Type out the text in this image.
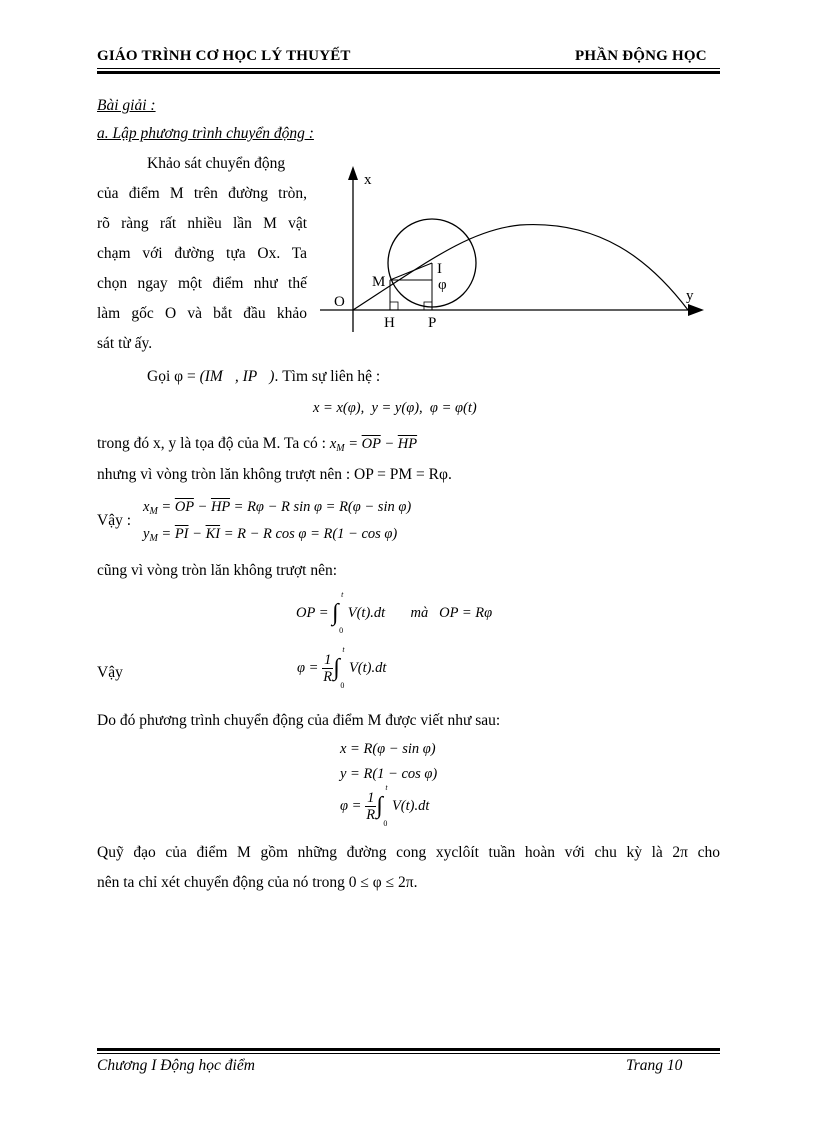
GIÁO TRÌNH CƠ HỌC LÝ THUYẾT	PHẦN ĐỘNG HỌC
Bài giải :
a. Lập phương trình chuyển động :
Khảo sát chuyển động
của điểm M trên đường tròn,
rõ ràng rất nhiều lần M vật
chạm với đường tựa Ox. Ta
chọn ngay một điểm như thế
làm gốc O và bắt đầu khảo
sát từ ấy.
x
y
O
M
I
φ
H P
Gọi φ = (IM⃗, IP⃗). Tìm sự liên hệ :
x = x(φ),  y = y(φ),  φ = φ(t)
trong đó x, y là tọa độ của M. Ta có : $x_M = \overline{OP} - \overline{HP}$
nhưng vì vòng tròn lăn không trượt nên : OP = PM = Rφ.
Vậy :
$x_M = \overline{OP} - \overline{HP} = R\varphi - R$ sin φ = R(φ − sin φ)
$y_M = \overline{PI} - \overline{KI} = R - R$ cos φ = R(1 − cos φ)
cũng vì vòng tròn lăn không trượt nên:
OP = ∫
t
0
V(t).dt       mà   OP = Rφ
Vậy	$\varphi = \frac{1}{R}$ ∫
t
0
V(t).dt
Do đó phương trình chuyển động của điểm M được viết như sau:
x = R(φ − sin φ)
y = R(1 − cos φ)
$\varphi = \frac{1}{R}$ ∫
t
0
V(t).dt
Quỹ đạo của điểm M gồm những đường cong xyclôít tuần hoàn với chu kỳ là 2π cho
nên ta chỉ xét chuyển động của nó trong 0 ≤ φ ≤ 2π.
Chương I Động học điểm	Trang 10
